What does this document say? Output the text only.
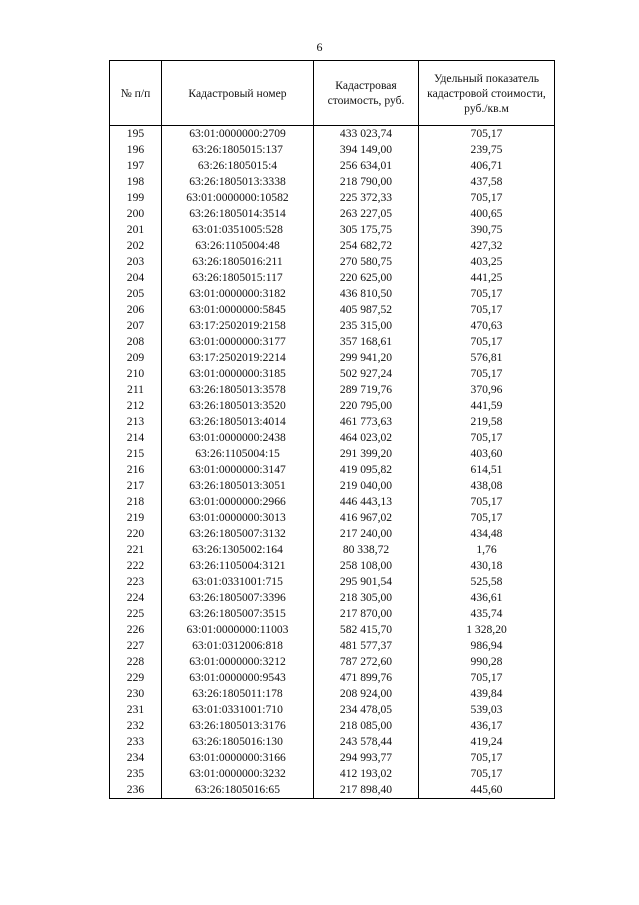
6
№ п/п	Кадастровый номер	Кадастровая стоимость, руб.	Удельный показатель кадастровой стоимости, руб./кв.м
195	63:01:0000000:2709	433 023,74	705,17
196	63:26:1805015:137	394 149,00	239,75
197	63:26:1805015:4	256 634,01	406,71
198	63:26:1805013:3338	218 790,00	437,58
199	63:01:0000000:10582	225 372,33	705,17
200	63:26:1805014:3514	263 227,05	400,65
201	63:01:0351005:528	305 175,75	390,75
202	63:26:1105004:48	254 682,72	427,32
203	63:26:1805016:211	270 580,75	403,25
204	63:26:1805015:117	220 625,00	441,25
205	63:01:0000000:3182	436 810,50	705,17
206	63:01:0000000:5845	405 987,52	705,17
207	63:17:2502019:2158	235 315,00	470,63
208	63:01:0000000:3177	357 168,61	705,17
209	63:17:2502019:2214	299 941,20	576,81
210	63:01:0000000:3185	502 927,24	705,17
211	63:26:1805013:3578	289 719,76	370,96
212	63:26:1805013:3520	220 795,00	441,59
213	63:26:1805013:4014	461 773,63	219,58
214	63:01:0000000:2438	464 023,02	705,17
215	63:26:1105004:15	291 399,20	403,60
216	63:01:0000000:3147	419 095,82	614,51
217	63:26:1805013:3051	219 040,00	438,08
218	63:01:0000000:2966	446 443,13	705,17
219	63:01:0000000:3013	416 967,02	705,17
220	63:26:1805007:3132	217 240,00	434,48
221	63:26:1305002:164	80 338,72	1,76
222	63:26:1105004:3121	258 108,00	430,18
223	63:01:0331001:715	295 901,54	525,58
224	63:26:1805007:3396	218 305,00	436,61
225	63:26:1805007:3515	217 870,00	435,74
226	63:01:0000000:11003	582 415,70	1 328,20
227	63:01:0312006:818	481 577,37	986,94
228	63:01:0000000:3212	787 272,60	990,28
229	63:01:0000000:9543	471 899,76	705,17
230	63:26:1805011:178	208 924,00	439,84
231	63:01:0331001:710	234 478,05	539,03
232	63:26:1805013:3176	218 085,00	436,17
233	63:26:1805016:130	243 578,44	419,24
234	63:01:0000000:3166	294 993,77	705,17
235	63:01:0000000:3232	412 193,02	705,17
236	63:26:1805016:65	217 898,40	445,60
